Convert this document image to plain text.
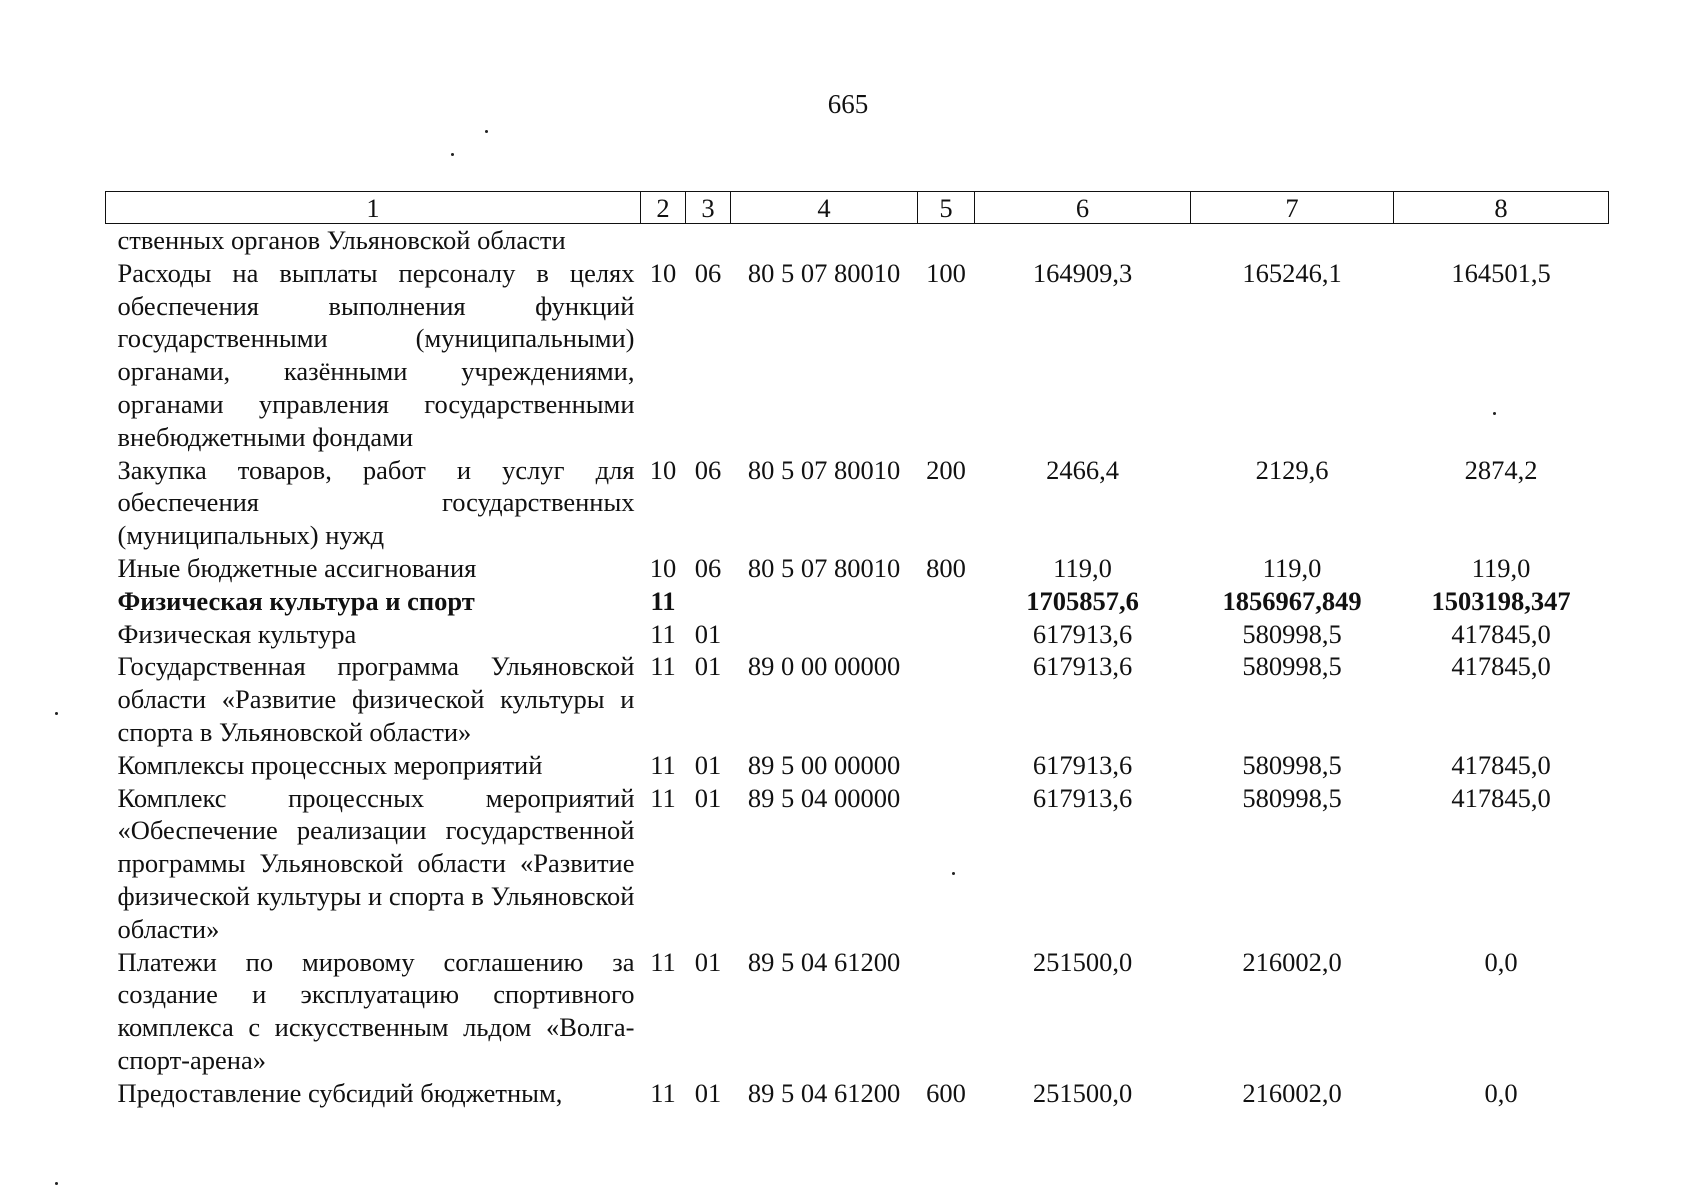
665
1	2	3	4	5	6	7	8
ственных органов Ульяновской области							
Расходы на выплаты персоналу в целях обеспечения выполнения функций государственными (муниципальными) органами, казёнными учреждениями, органами управления государственными внебюджетными фондами	10	06	80 5 07 80010	100	164909,3	165246,1	164501,5
Закупка товаров, работ и услуг для обеспечения государственных (муниципальных) нужд	10	06	80 5 07 80010	200	2466,4	2129,6	2874,2
Иные бюджетные ассигнования	10	06	80 5 07 80010	800	119,0	119,0	119,0
Физическая культура и спорт	11				1705857,6	1856967,849	1503198,347
Физическая культура	11	01			617913,6	580998,5	417845,0
Государственная программа Ульяновской области «Развитие физической культуры и спорта в Ульяновской области»	11	01	89 0 00 00000		617913,6	580998,5	417845,0
Комплексы процессных мероприятий	11	01	89 5 00 00000		617913,6	580998,5	417845,0
Комплекс процессных мероприятий «Обеспечение реализации государственной программы Ульяновской области «Развитие физической культуры и спорта в Ульяновской области»	11	01	89 5 04 00000		617913,6	580998,5	417845,0
Платежи по мировому соглашению за создание и эксплуатацию спортивного комплекса с искусственным льдом «Волга-спорт-арена»	11	01	89 5 04 61200		251500,0	216002,0	0,0
Предоставление субсидий бюджетным,	11	01	89 5 04 61200	600	251500,0	216002,0	0,0
